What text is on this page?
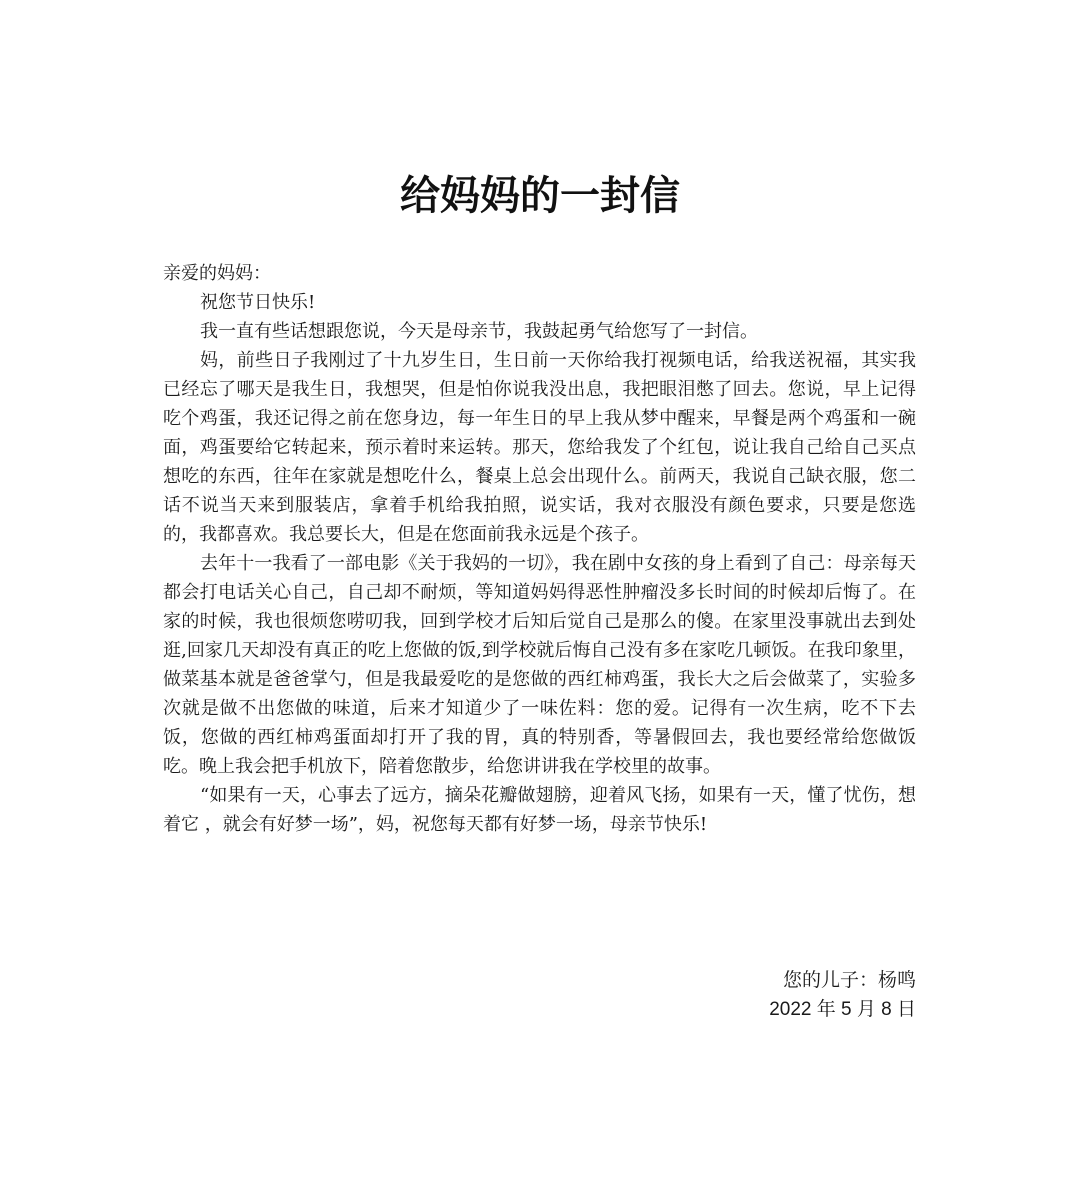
给妈妈的一封信

亲爱的妈妈：

祝您节日快乐!

我一直有些话想跟您说，今天是母亲节，我鼓起勇气给您写了一封信。

妈，前些日子我刚过了十九岁生日，生日前一天你给我打视频电话，给我送祝福，其实我已经忘了哪天是我生日，我想哭，但是怕你说我没出息，我把眼泪憋了回去。您说，早上记得吃个鸡蛋，我还记得之前在您身边，每一年生日的早上我从梦中醒来，早餐是两个鸡蛋和一碗面，鸡蛋要给它转起来，预示着时来运转。那天，您给我发了个红包，说让我自己给自己买点想吃的东西，往年在家就是想吃什么，餐桌上总会出现什么。前两天，我说自己缺衣服，您二话不说当天来到服装店，拿着手机给我拍照，说实话，我对衣服没有颜色要求，只要是您选的，我都喜欢。我总要长大，但是在您面前我永远是个孩子。

去年十一我看了一部电影《关于我妈的一切》，我在剧中女孩的身上看到了自己：母亲每天都会打电话关心自己，自己却不耐烦，等知道妈妈得恶性肿瘤没多长时间的时候却后悔了。在家的时候，我也很烦您唠叨我，回到学校才后知后觉自己是那么的傻。在家里没事就出去到处逛,回家几天却没有真正的吃上您做的饭,到学校就后悔自己没有多在家吃几顿饭。在我印象里，做菜基本就是爸爸掌勺，但是我最爱吃的是您做的西红柿鸡蛋，我长大之后会做菜了，实验多次就是做不出您做的味道，后来才知道少了一味佐料：您的爱。记得有一次生病，吃不下去饭，您做的西红柿鸡蛋面却打开了我的胃，真的特别香，等暑假回去，我也要经常给您做饭吃。晚上我会把手机放下，陪着您散步，给您讲讲我在学校里的故事。

“如果有一天，心事去了远方，摘朵花瓣做翅膀，迎着风飞扬，如果有一天，懂了忧伤，想着它 ，就会有好梦一场”，妈，祝您每天都有好梦一场，母亲节快乐!

您的儿子：杨鸣
2022 年 5 月 8 日
